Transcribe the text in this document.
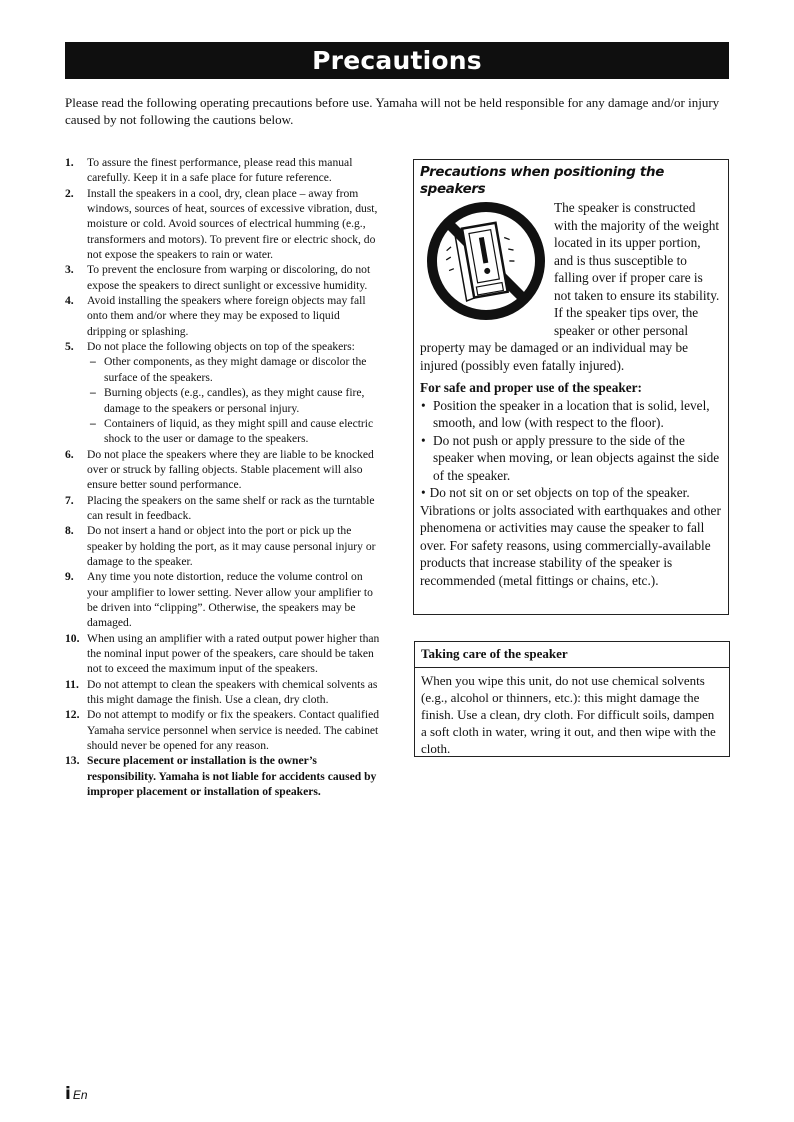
Precautions

Please read the following operating precautions before use. Yamaha will not be held responsible for any damage and/or injury caused by not following the cautions below.

1. To assure the finest performance, please read this manual carefully. Keep it in a safe place for future reference.
2. Install the speakers in a cool, dry, clean place – away from windows, sources of heat, sources of excessive vibration, dust, moisture or cold. Avoid sources of electrical humming (e.g., transformers and motors). To prevent fire or electric shock, do not expose the speakers to rain or water.
3. To prevent the enclosure from warping or discoloring, do not expose the speakers to direct sunlight or excessive humidity.
4. Avoid installing the speakers where foreign objects may fall onto them and/or where they may be exposed to liquid dripping or splashing.
5. Do not place the following objects on top of the speakers:
– Other components, as they might damage or discolor the surface of the speakers.
– Burning objects (e.g., candles), as they might cause fire, damage to the speakers or personal injury.
– Containers of liquid, as they might spill and cause electric shock to the user or damage to the speakers.
6. Do not place the speakers where they are liable to be knocked over or struck by falling objects. Stable placement will also ensure better sound performance.
7. Placing the speakers on the same shelf or rack as the turntable can result in feedback.
8. Do not insert a hand or object into the port or pick up the speaker by holding the port, as it may cause personal injury or damage to the speaker.
9. Any time you note distortion, reduce the volume control on your amplifier to lower setting. Never allow your amplifier to be driven into “clipping”. Otherwise, the speakers may be damaged.
10. When using an amplifier with a rated output power higher than the nominal input power of the speakers, care should be taken not to exceed the maximum input of the speakers.
11. Do not attempt to clean the speakers with chemical solvents as this might damage the finish. Use a clean, dry cloth.
12. Do not attempt to modify or fix the speakers. Contact qualified Yamaha service personnel when service is needed. The cabinet should never be opened for any reason.
13. Secure placement or installation is the owner’s responsibility. Yamaha is not liable for accidents caused by improper placement or installation of speakers.
Precautions when positioning the speakers
The speaker is constructed with the majority of the weight located in its upper portion, and is thus susceptible to falling over if proper care is not taken to ensure its stability. If the speaker tips over, the speaker or other personal property may be damaged or an individual may be injured (possibly even fatally injured).
For safe and proper use of the speaker:
• Position the speaker in a location that is solid, level, smooth, and low (with respect to the floor).
• Do not push or apply pressure to the side of the speaker when moving, or lean objects against the side of the speaker.
• Do not sit on or set objects on top of the speaker. Vibrations or jolts associated with earthquakes and other phenomena or activities may cause the speaker to fall over. For safety reasons, using commercially-available products that increase stability of the speaker is recommended (metal fittings or chains, etc.).
Taking care of the speaker
When you wipe this unit, do not use chemical solvents (e.g., alcohol or thinners, etc.): this might damage the finish. Use a clean, dry cloth. For difficult soils, dampen a soft cloth in water, wring it out, and then wipe with the cloth.
i En
